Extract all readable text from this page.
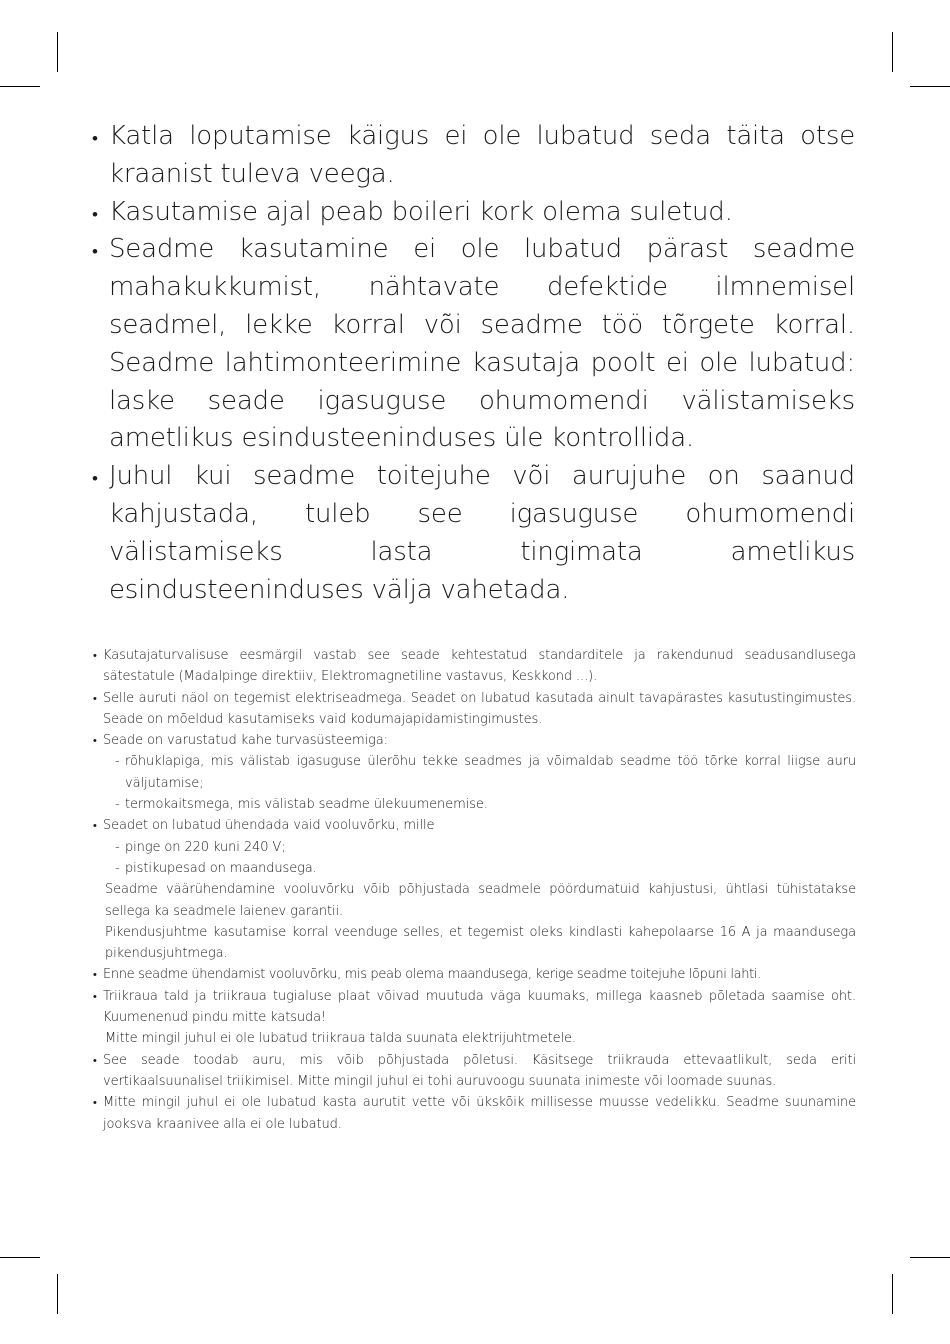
•
Katla loputamise käigus ei ole lubatud seda täita otse kraanist tuleva veega.
•
Kasutamise ajal peab boileri kork olema suletud.
•
Seadme kasutamine ei ole lubatud pärast seadme mahakukkumist, nähtavate defektide ilmnemisel seadmel, lekke korral või seadme töö tõrgete korral. Seadme lahtimonteerimine kasutaja poolt ei ole lubatud: laske seade igasuguse ohumomendi välistamiseks ametlikus esindusteeninduses üle kontrollida.
•
Juhul kui seadme toitejuhe või aurujuhe on saanud kahjustada, tuleb see igasuguse ohumomendi välistamiseks lasta tingimata ametlikus esindusteeninduses välja vahetada.
•
Kasutajaturvalisuse eesmärgil vastab see seade kehtestatud standarditele ja rakendunud seadusandlusega sätestatule (Madalpinge direktiiv, Elektromagnetiline vastavus, Keskkond ...).
•
Selle auruti näol on tegemist elektriseadmega. Seadet on lubatud kasutada ainult tavapärastes kasutustingimustes. Seade on mõeldud kasutamiseks vaid kodumajapidamistingimustes.
•
Seade on varustatud kahe turvasüsteemiga:
- rõhuklapiga, mis välistab igasuguse ülerõhu tekke seadmes ja võimaldab seadme töö tõrke korral liigse auru väljutamise;
- termokaitsmega, mis välistab seadme ülekuumenemise.
•
Seadet on lubatud ühendada vaid vooluvõrku, mille
- pinge on 220 kuni 240 V;
- pistikupesad on maandusega.
Seadme väärühendamine vooluvõrku võib põhjustada seadmele pöördumatuid kahjustusi, ühtlasi tühistatakse sellega ka seadmele laienev garantii.
Pikendusjuhtme kasutamise korral veenduge selles, et tegemist oleks kindlasti kahepolaarse 16 A ja maandusega pikendusjuhtmega.
•
Enne seadme ühendamist vooluvõrku, mis peab olema maandusega, kerige seadme toitejuhe lõpuni lahti.
•
Triikraua tald ja triikraua tugialuse plaat võivad muutuda väga kuumaks, millega kaasneb põletada saamise oht. Kuumenenud pindu mitte katsuda!
Mitte mingil juhul ei ole lubatud triikraua talda suunata elektrijuhtmetele.
•
See seade toodab auru, mis võib põhjustada põletusi. Käsitsege triikrauda ettevaatlikult, seda eriti vertikaalsuunalisel triikimisel. Mitte mingil juhul ei tohi auruvoogu suunata inimeste või loomade suunas.
•
Mitte mingil juhul ei ole lubatud kasta aurutit vette või ükskõik millisesse muusse vedelikku. Seadme suunamine jooksva kraanivee alla ei ole lubatud.
